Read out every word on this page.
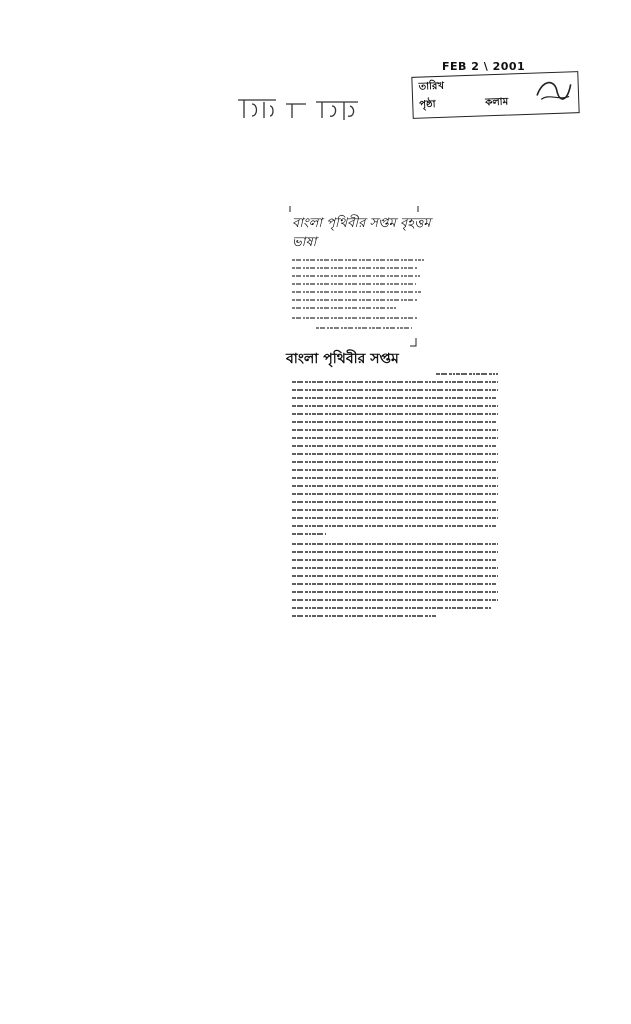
FEB 2 \ 2001
তারিখ
পৃষ্ঠা	কলাম
বাংলা পৃথিবীর সপ্তম বৃহত্তম ভাষা
বাংলা পৃথিবীর সপ্তম
